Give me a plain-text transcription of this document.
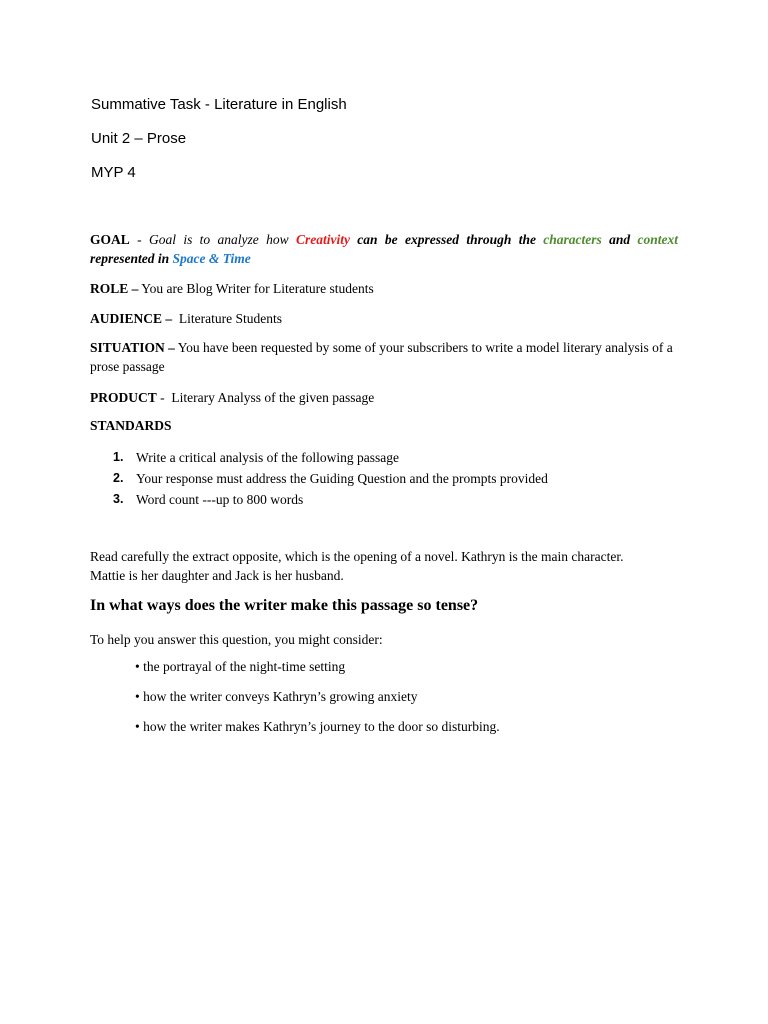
Summative Task - Literature in English
Unit 2 – Prose
MYP 4
GOAL - Goal is to analyze how Creativity can be expressed through the characters and context represented in Space & Time
ROLE – You are Blog Writer for Literature students
AUDIENCE –  Literature Students
SITUATION – You have been requested by some of your subscribers to write a model literary analysis of a prose passage
PRODUCT -  Literary Analyss of the given passage
STANDARDS
1. Write a critical analysis of the following passage
2. Your response must address the Guiding Question and the prompts provided
3. Word count ---up to 800 words
Read carefully the extract opposite, which is the opening of a novel. Kathryn is the main character. Mattie is her daughter and Jack is her husband.
In what ways does the writer make this passage so tense?
To help you answer this question, you might consider:
• the portrayal of the night-time setting
• how the writer conveys Kathryn’s growing anxiety
• how the writer makes Kathryn’s journey to the door so disturbing.
